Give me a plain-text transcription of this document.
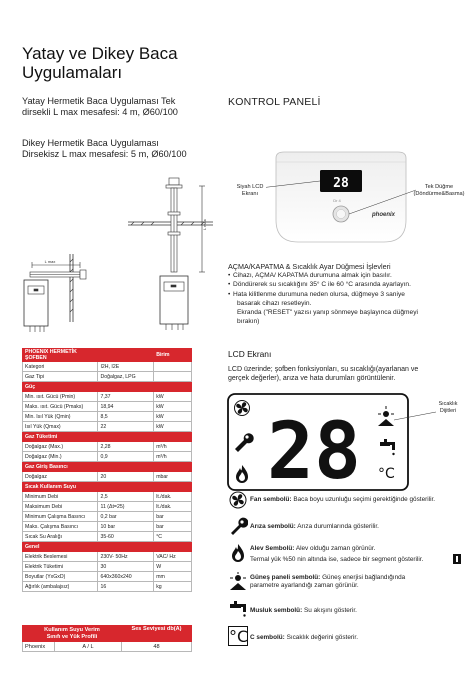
Yatay ve Dikey Baca
Uygulamaları
Yatay Hermetik Baca Uygulaması Tek
dirsekli L max mesafesi: 4 m, Ø60/100
Dikey Hermetik Baca Uygulaması
Dirsekisz L max mesafesi: 5 m, Ø60/100
L max
L max
KONTROL PANELİ
Siyah LCD
Ekranı
Tek Düğme
(Döndürme&Basma)
28
Dr 4
phoenix
AÇMA/KAPATMA & Sıcaklık Ayar Düğmesi İşlevleri
• Cihazı, AÇMA/ KAPATMA durumuna almak için basılır.
• Döndürerek su sıcaklığını 35° C ile 60 °C arasında ayarlayın.
• Hata kilitlenme durumuna neden olursa, düğmeye 3 saniye
basarak cihazı resetleyin.
Ekranda ("RESET" yazısı yanıp sönmeye başlayınca düğmeyi
bırakın)
LCD Ekranı
LCD üzerinde; şofben fonksiyonları, su sıcaklığı(ayarlanan ve
gerçek değerler), arıza ve hata durumları görüntülenir.
28 °C
Sıcaklık
Dijitleri
PHOENIX HERMETİK ŞOFBEN		Birim
Kategori	I2H, I2E	
Gaz Tipi	Doğalgaz, LPG	
Güç		
Min. ısıt. Gücü (Pmin)	7,37	kW
Maks. ısıt. Gücü (Pmaks)	18,94	kW
Min. Isıl Yük (Qmin)	8,5	kW
Isıl Yük (Qmax)	22	kW
Gaz Tüketimi		
Doğalgaz (Max.)	2,28	m³/h
Doğalgaz (Min.)	0,9	m³/h
Gaz Giriş Basıncı		
Doğalgaz	20	mbar
Sıcak Kullanım Suyu		
Minimum Debi	2,5	lt./dak.
Maksimum Debi	11 (Δt=25)	lt./dak.
Minimum Çalışma Basıncı	0,2 bar	bar
Maks. Çalışma Basıncı	10 bar	bar
Sıcak Su Aralığı	35-60	°C
Genel		
Elektrik Beslemesi	230V- 50Hz	VAC/ Hz
Elektrik Tüketimi	30	W
Boyutlar (YxGxD)	640x360x240	mm
Ağırlık (ambalajsız)	16	kg
Kullanım Suyu Verim
Sınıfı ve Yük Profili		Ses Seviyesi db(A)
Phoenix	A / L	48
Fan sembolü: Baca boyu uzunluğu seçimi gerektiğinde gösterilir.
Arıza sembolü: Arıza durumlarında gösterilir.
Alev Sembolü: Alev olduğu zaman görünür.
Termal yük %50 nin altında ise, sadece bir segment gösterilir.
Güneş paneli sembolü: Güneş enerjisi bağlandığında
parametre ayarlandığı zaman görünür.
Musluk sembolü: Su akışını gösterir.
°C C sembolü: Sıcaklık değerini gösterir.
